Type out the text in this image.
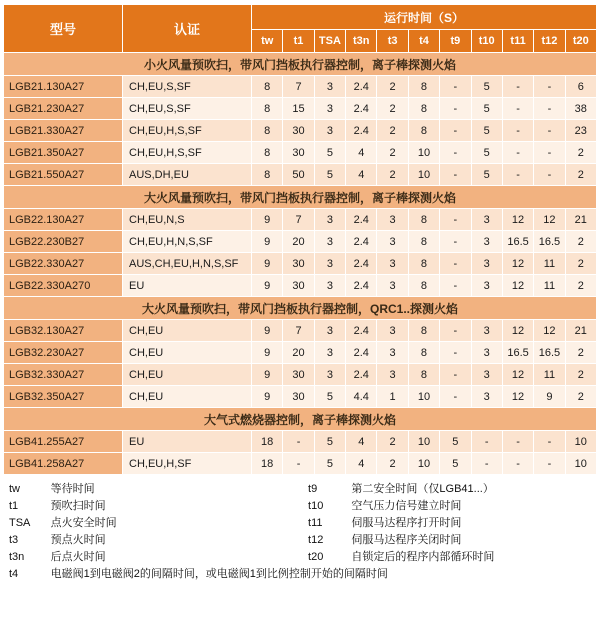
型号	认证	运行时间（S）										
		tw	t1	TSA	t3n	t3	t4	t9	t10	t11	t12	t20
小火风量预吹扫，带风门挡板执行器控制，离子棒探测火焰												
LGB21.130A27	CH,EU,S,SF	8	7	3	2.4	2	8	-	5	-	-	6
LGB21.230A27	CH,EU,S,SF	8	15	3	2.4	2	8	-	5	-	-	38
LGB21.330A27	CH,EU,H,S,SF	8	30	3	2.4	2	8	-	5	-	-	23
LGB21.350A27	CH,EU,H,S,SF	8	30	5	4	2	10	-	5	-	-	2
LGB21.550A27	AUS,DH,EU	8	50	5	4	2	10	-	5	-	-	2
大火风量预吹扫，带风门挡板执行器控制，离子棒探测火焰												
LGB22.130A27	CH,EU,N,S	9	7	3	2.4	3	8	-	3	12	12	21
LGB22.230B27	CH,EU,H,N,S,SF	9	20	3	2.4	3	8	-	3	16.5	16.5	2
LGB22.330A27	AUS,CH,EU,H,N,S,SF	9	30	3	2.4	3	8	-	3	12	11	2
LGB22.330A270	EU	9	30	3	2.4	3	8	-	3	12	11	2
大火风量预吹扫，带风门挡板执行器控制，QRC1..探测火焰												
LGB32.130A27	CH,EU	9	7	3	2.4	3	8	-	3	12	12	21
LGB32.230A27	CH,EU	9	20	3	2.4	3	8	-	3	16.5	16.5	2
LGB32.330A27	CH,EU	9	30	3	2.4	3	8	-	3	12	11	2
LGB32.350A27	CH,EU	9	30	5	4.4	1	10	-	3	12	9	2
大气式燃烧器控制，离子棒探测火焰												
LGB41.255A27	EU	18	-	5	4	2	10	5	-	-	-	10
LGB41.258A27	CH,EU,H,SF	18	-	5	4	2	10	5	-	-	-	10
tw	等待时间	t9	第二安全时间（仅LGB41...）
t1	预吹扫时间	t10	空气压力信号建立时间
TSA	点火安全时间	t11	伺服马达程序打开时间
t3	预点火时间	t12	伺服马达程序关闭时间
t3n	后点火时间	t20	自锁定后的程序内部循环时间
t4	电磁阀1到电磁阀2的间隔时间，或电磁阀1到比例控制开始的间隔时间		
